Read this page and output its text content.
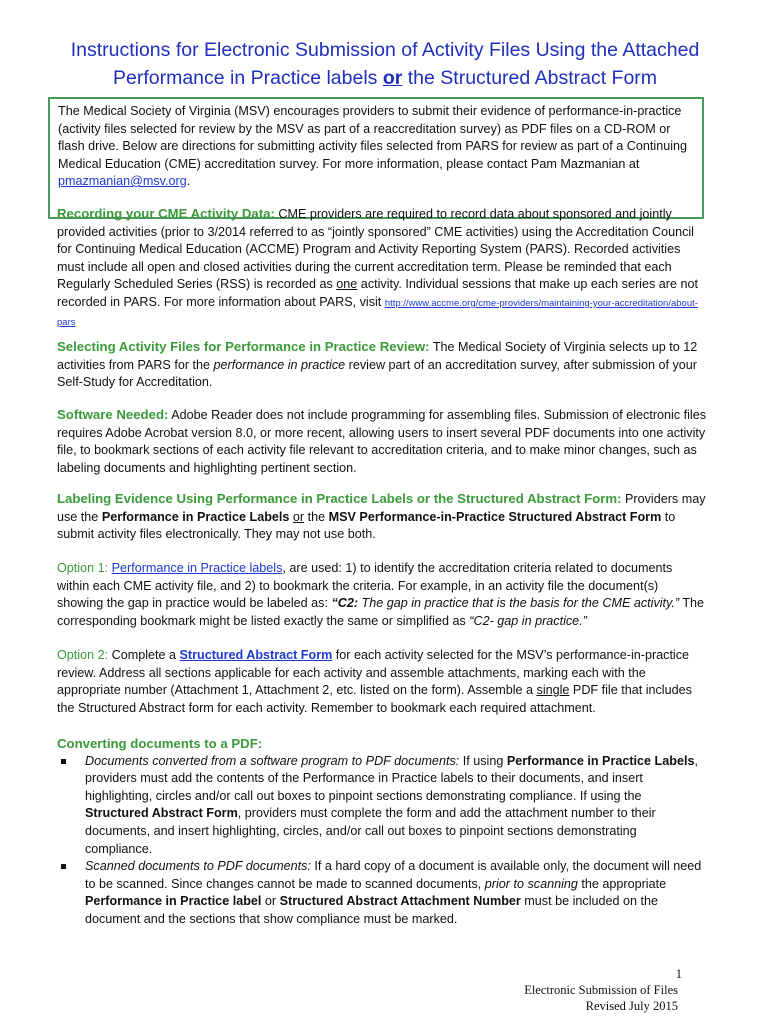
Instructions for Electronic Submission of Activity Files Using the Attached
Performance in Practice labels or the Structured Abstract Form
The Medical Society of Virginia (MSV) encourages providers to submit their evidence of performance-in-practice (activity files selected for review by the MSV as part of a reaccreditation survey) as PDF files on a CD-ROM or flash drive. Below are directions for submitting activity files selected from PARS for review as part of a Continuing Medical Education (CME) accreditation survey. For more information, please contact Pam Mazmanian at pmazmanian@msv.org.
Recording your CME Activity Data: CME providers are required to record data about sponsored and jointly provided activities (prior to 3/2014 referred to as “jointly sponsored” CME activities) using the Accreditation Council for Continuing Medical Education (ACCME) Program and Activity Reporting System (PARS). Recorded activities must include all open and closed activities during the current accreditation term. Please be reminded that each Regularly Scheduled Series (RSS) is recorded as one activity. Individual sessions that make up each series are not recorded in PARS. For more information about PARS, visit http://www.accme.org/cme-providers/maintaining-your-accreditation/about-pars
Selecting Activity Files for Performance in Practice Review: The Medical Society of Virginia selects up to 12 activities from PARS for the performance in practice review part of an accreditation survey, after submission of your Self-Study for Accreditation.
Software Needed: Adobe Reader does not include programming for assembling files. Submission of electronic files requires Adobe Acrobat version 8.0, or more recent, allowing users to insert several PDF documents into one activity file, to bookmark sections of each activity file relevant to accreditation criteria, and to make minor changes, such as labeling documents and highlighting pertinent section.
Labeling Evidence Using Performance in Practice Labels or the Structured Abstract Form: Providers may use the Performance in Practice Labels or the MSV Performance-in-Practice Structured Abstract Form to submit activity files electronically. They may not use both.
Option 1: Performance in Practice labels, are used: 1) to identify the accreditation criteria related to documents within each CME activity file, and 2) to bookmark the criteria. For example, in an activity file the document(s) showing the gap in practice would be labeled as: “C2: The gap in practice that is the basis for the CME activity.” The corresponding bookmark might be listed exactly the same or simplified as “C2- gap in practice.”
Option 2: Complete a Structured Abstract Form for each activity selected for the MSV’s performance-in-practice review. Address all sections applicable for each activity and assemble attachments, marking each with the appropriate number (Attachment 1, Attachment 2, etc. listed on the form). Assemble a single PDF file that includes the Structured Abstract form for each activity. Remember to bookmark each required attachment.
Converting documents to a PDF:
Documents converted from a software program to PDF documents: If using Performance in Practice Labels, providers must add the contents of the Performance in Practice labels to their documents, and insert highlighting, circles and/or call out boxes to pinpoint sections demonstrating compliance. If using the Structured Abstract Form, providers must complete the form and add the attachment number to their documents, and insert highlighting, circles, and/or call out boxes to pinpoint sections demonstrating compliance.
Scanned documents to PDF documents: If a hard copy of a document is available only, the document will need to be scanned. Since changes cannot be made to scanned documents, prior to scanning the appropriate Performance in Practice label or Structured Abstract Attachment Number must be included on the document and the sections that show compliance must be marked.
1
Electronic Submission of Files
Revised July 2015
